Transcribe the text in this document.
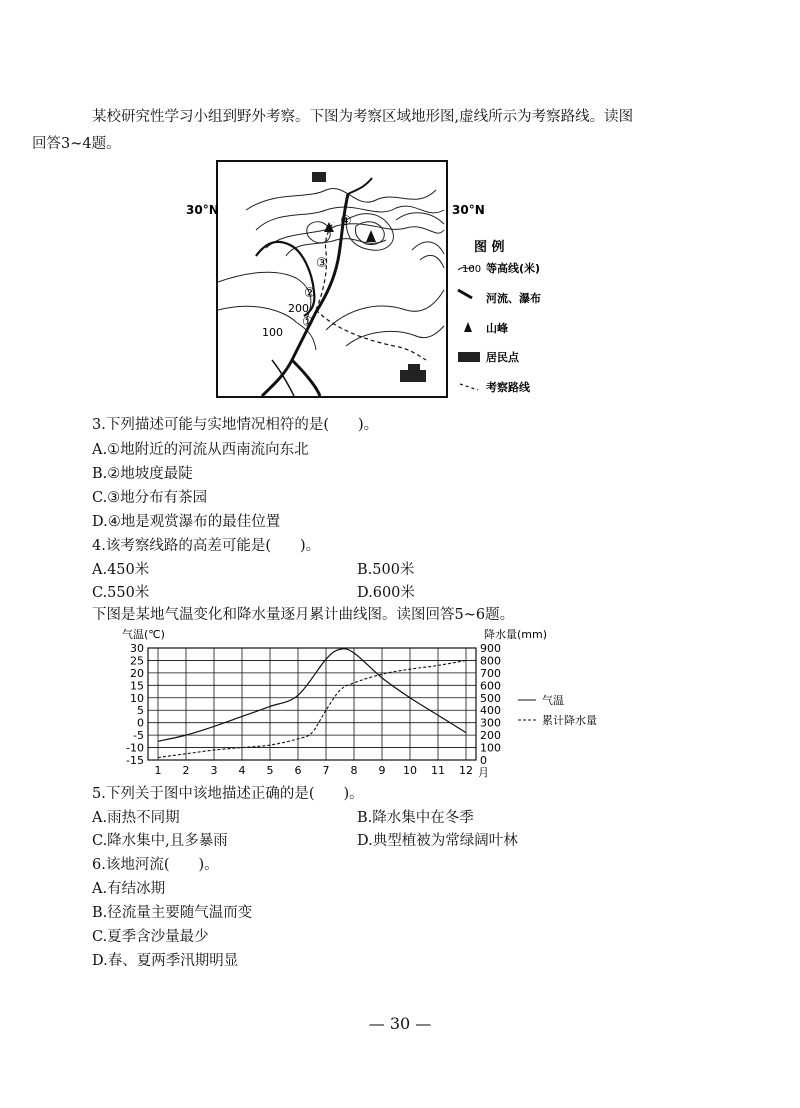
某校研究性学习小组到野外考察。下图为考察区域地形图,虚线所示为考察路线。读图
回答3~4题。
30°N	30°N
200
100
①
②
③
④
图 例
100 等高线(米)
河流、瀑布
山峰
居民点
考察路线
3.下列描述可能与实地情况相符的是(　　)。
A.①地附近的河流从西南流向东北
B.②地坡度最陡
C.③地分布有茶园
D.④地是观赏瀑布的最佳位置
4.该考察线路的高差可能是(　　)。
A.450米	B.500米
C.550米	D.600米
下图是某地气温变化和降水量逐月累计曲线图。读图回答5~6题。
30
25
20
15
10
5
0
-5
-10
-15
900
800
700
600
500
400
300
200
100
0
1 2 3 4 5 6 7 8 9 10 11 12
气温(℃)	降水量(mm)
月
气温
累计降水量
5.下列关于图中该地描述正确的是(　　)。
A.雨热不同期	B.降水集中在冬季
C.降水集中,且多暴雨	D.典型植被为常绿阔叶林
6.该地河流(　　)。
A.有结冰期
B.径流量主要随气温而变
C.夏季含沙量最少
D.春、夏两季汛期明显
— 30 —
